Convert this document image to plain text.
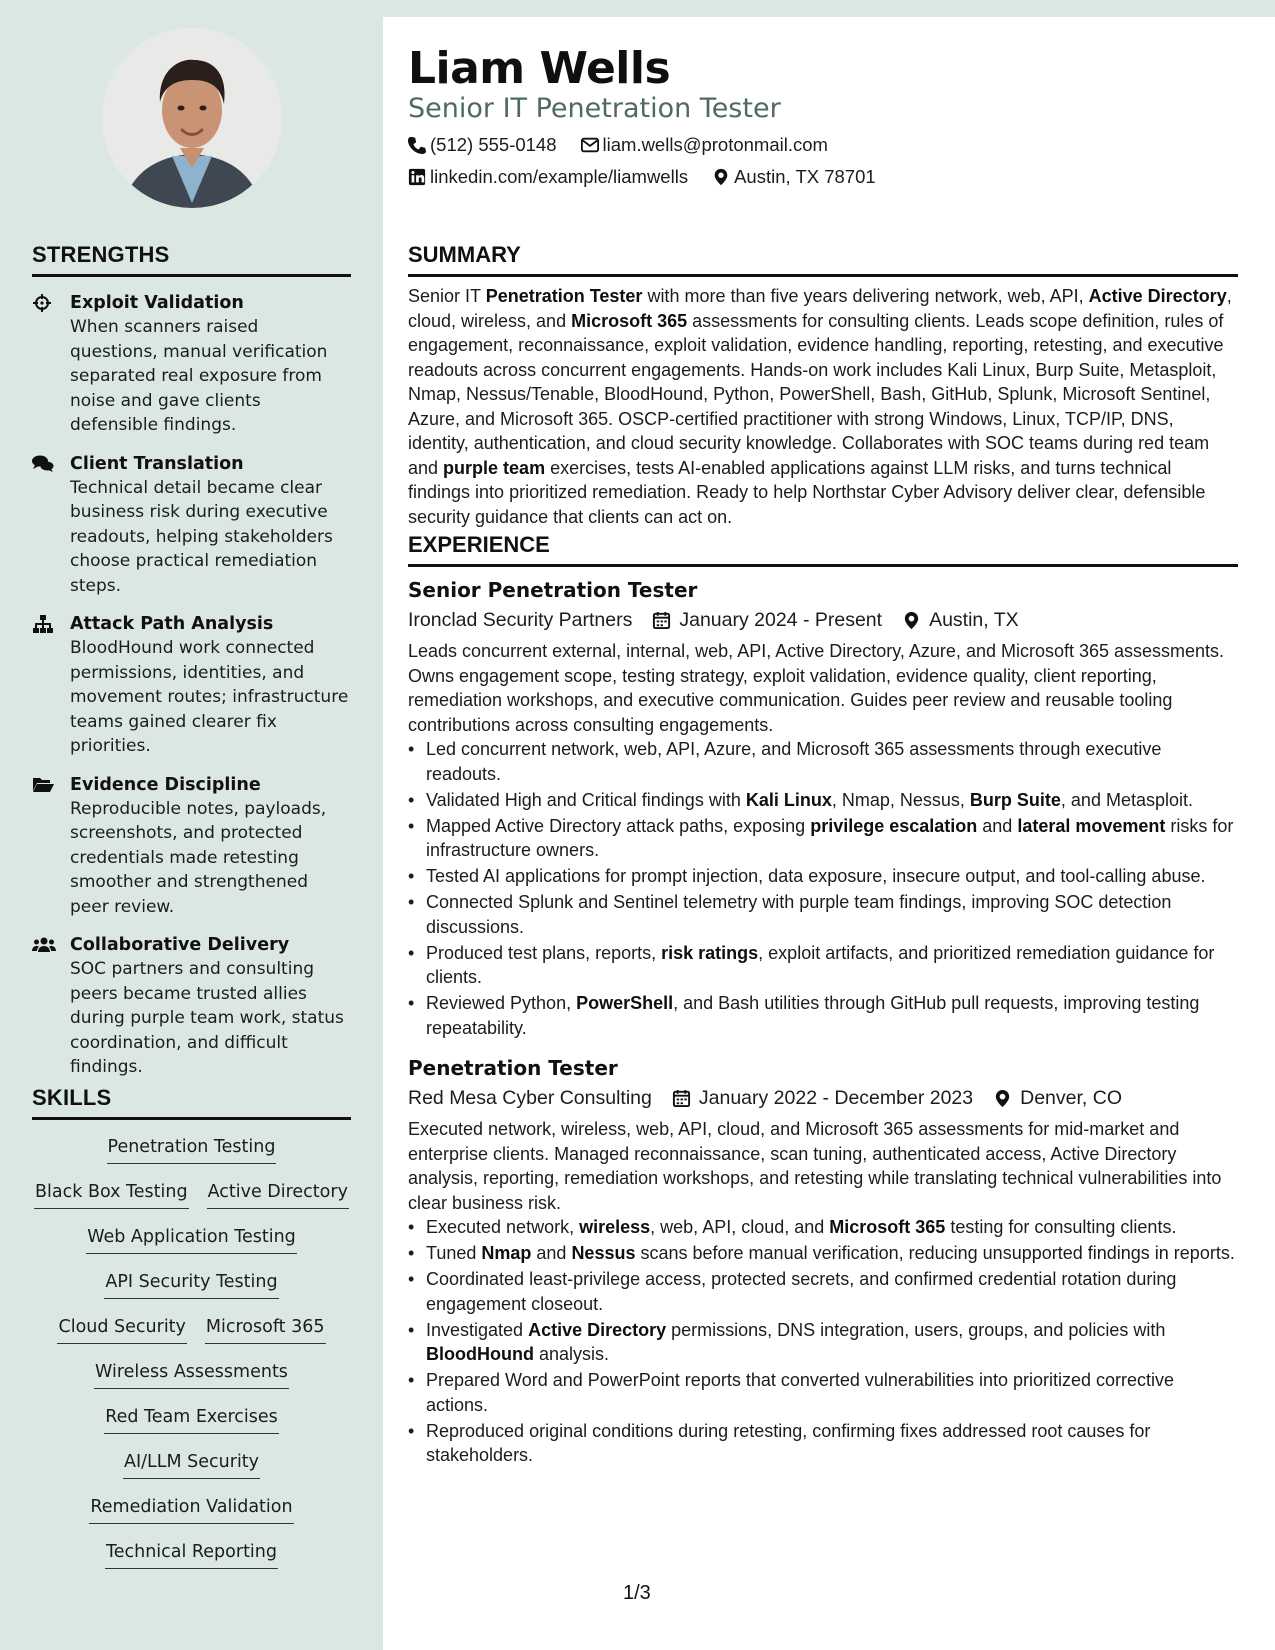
STRENGTHS
Exploit Validation
When scanners raised questions, manual verification separated real exposure from noise and gave clients defensible findings.
Client Translation
Technical detail became clear business risk during executive readouts, helping stakeholders choose practical remediation steps.
Attack Path Analysis
BloodHound work connected permissions, identities, and movement routes; infrastructure teams gained clearer fix priorities.
Evidence Discipline
Reproducible notes, payloads, screenshots, and protected credentials made retesting smoother and strengthened peer review.
Collaborative Delivery
SOC partners and consulting peers became trusted allies during purple team work, status coordination, and difficult findings.
SKILLS
Penetration Testing
Black Box Testing Active Directory
Web Application Testing
API Security Testing
Cloud Security Microsoft 365
Wireless Assessments
Red Team Exercises
AI/LLM Security
Remediation Validation
Technical Reporting
Liam Wells
Senior IT Penetration Tester
(512) 555-0148 liam.wells@protonmail.com
linkedin.com/example/liamwells Austin, TX 78701
SUMMARY
Senior IT Penetration Tester with more than five years delivering network, web, API, Active Directory, cloud, wireless, and Microsoft 365 assessments for consulting clients. Leads scope definition, rules of engagement, reconnaissance, exploit validation, evidence handling, reporting, retesting, and executive readouts across concurrent engagements. Hands-on work includes Kali Linux, Burp Suite, Metasploit, Nmap, Nessus/Tenable, BloodHound, Python, PowerShell, Bash, GitHub, Splunk, Microsoft Sentinel, Azure, and Microsoft 365. OSCP-certified practitioner with strong Windows, Linux, TCP/IP, DNS, identity, authentication, and cloud security knowledge. Collaborates with SOC teams during red team and purple team exercises, tests AI-enabled applications against LLM risks, and turns technical findings into prioritized remediation. Ready to help Northstar Cyber Advisory deliver clear, defensible security guidance that clients can act on.
EXPERIENCE
Senior Penetration Tester
Ironclad Security Partners January 2024 - Present Austin, TX
Leads concurrent external, internal, web, API, Active Directory, Azure, and Microsoft 365 assessments. Owns engagement scope, testing strategy, exploit validation, evidence quality, client reporting, remediation workshops, and executive communication. Guides peer review and reusable tooling contributions across consulting engagements.
• Led concurrent network, web, API, Azure, and Microsoft 365 assessments through executive readouts.
• Validated High and Critical findings with Kali Linux, Nmap, Nessus, Burp Suite, and Metasploit.
• Mapped Active Directory attack paths, exposing privilege escalation and lateral movement risks for infrastructure owners.
• Tested AI applications for prompt injection, data exposure, insecure output, and tool-calling abuse.
• Connected Splunk and Sentinel telemetry with purple team findings, improving SOC detection discussions.
• Produced test plans, reports, risk ratings, exploit artifacts, and prioritized remediation guidance for clients.
• Reviewed Python, PowerShell, and Bash utilities through GitHub pull requests, improving testing repeatability.
Penetration Tester
Red Mesa Cyber Consulting January 2022 - December 2023 Denver, CO
Executed network, wireless, web, API, cloud, and Microsoft 365 assessments for mid-market and enterprise clients. Managed reconnaissance, scan tuning, authenticated access, Active Directory analysis, reporting, remediation workshops, and retesting while translating technical vulnerabilities into clear business risk.
• Executed network, wireless, web, API, cloud, and Microsoft 365 testing for consulting clients.
• Tuned Nmap and Nessus scans before manual verification, reducing unsupported findings in reports.
• Coordinated least-privilege access, protected secrets, and confirmed credential rotation during engagement closeout.
• Investigated Active Directory permissions, DNS integration, users, groups, and policies with BloodHound analysis.
• Prepared Word and PowerPoint reports that converted vulnerabilities into prioritized corrective actions.
• Reproduced original conditions during retesting, confirming fixes addressed root causes for stakeholders.
1/3
